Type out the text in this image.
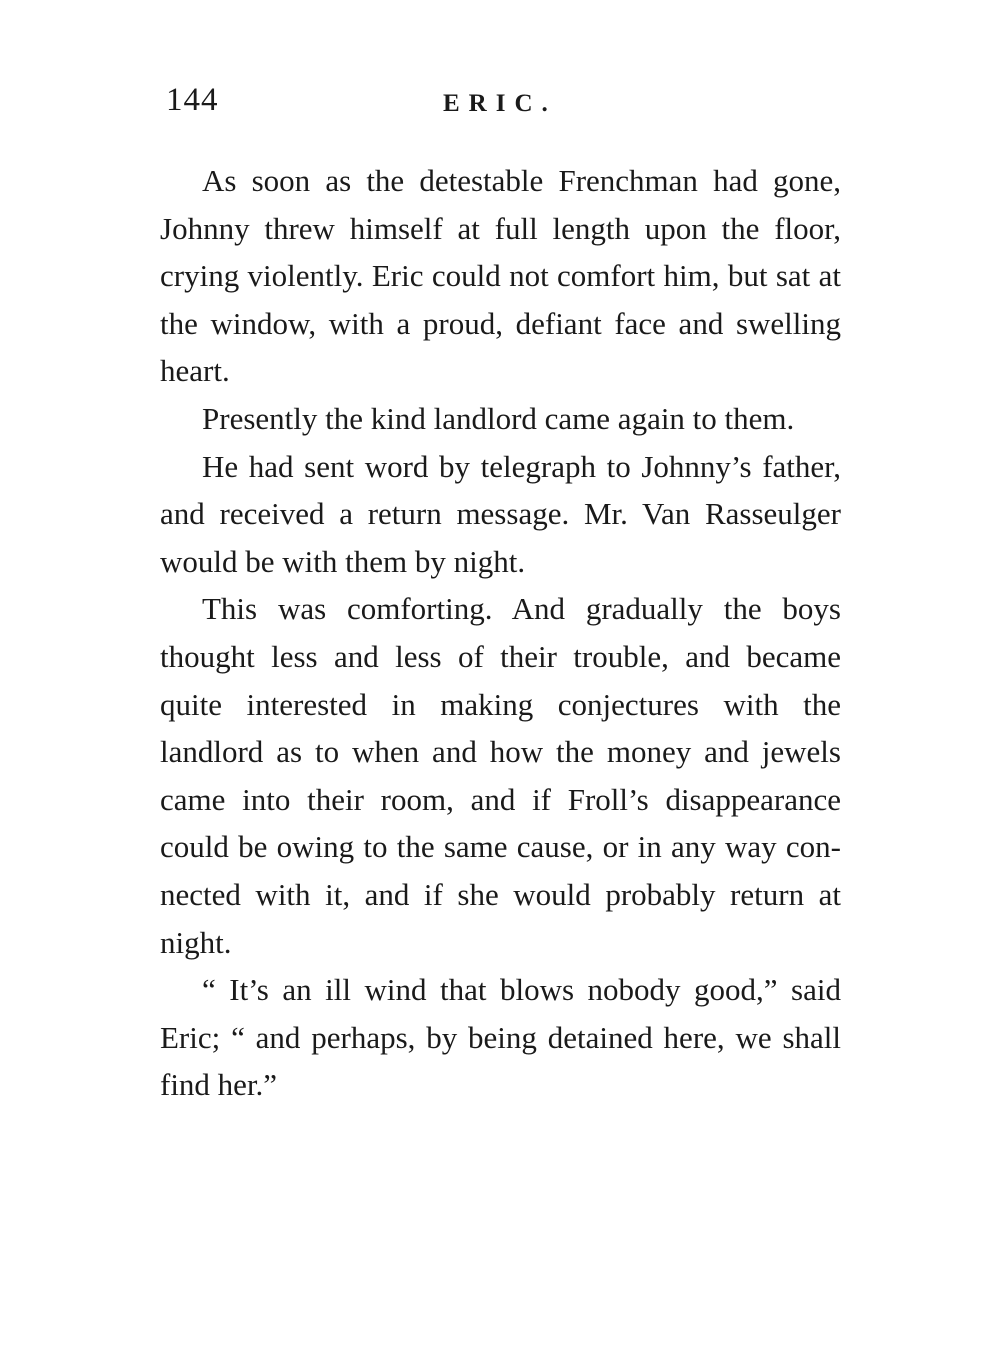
144	ERIC.

As soon as the detestable Frenchman had gone, Johnny threw himself at full length upon the floor, crying violently. Eric could not comfort him, but sat at the window, with a proud, defiant face and swelling heart.

Presently the kind landlord came again to them.

He had sent word by telegraph to Johnny’s father, and received a return message. Mr. Van Rasseulger would be with them by night.

This was comforting. And gradually the boys thought less and less of their trouble, and became quite interested in making conjectures with the landlord as to when and how the money and jewels came into their room, and if Froll’s disappearance could be owing to the same cause, or in any way connected with it, and if she would probably return at night.

“ It’s an ill wind that blows nobody good,” said Eric; “ and perhaps, by being detained here, we shall find her.”
